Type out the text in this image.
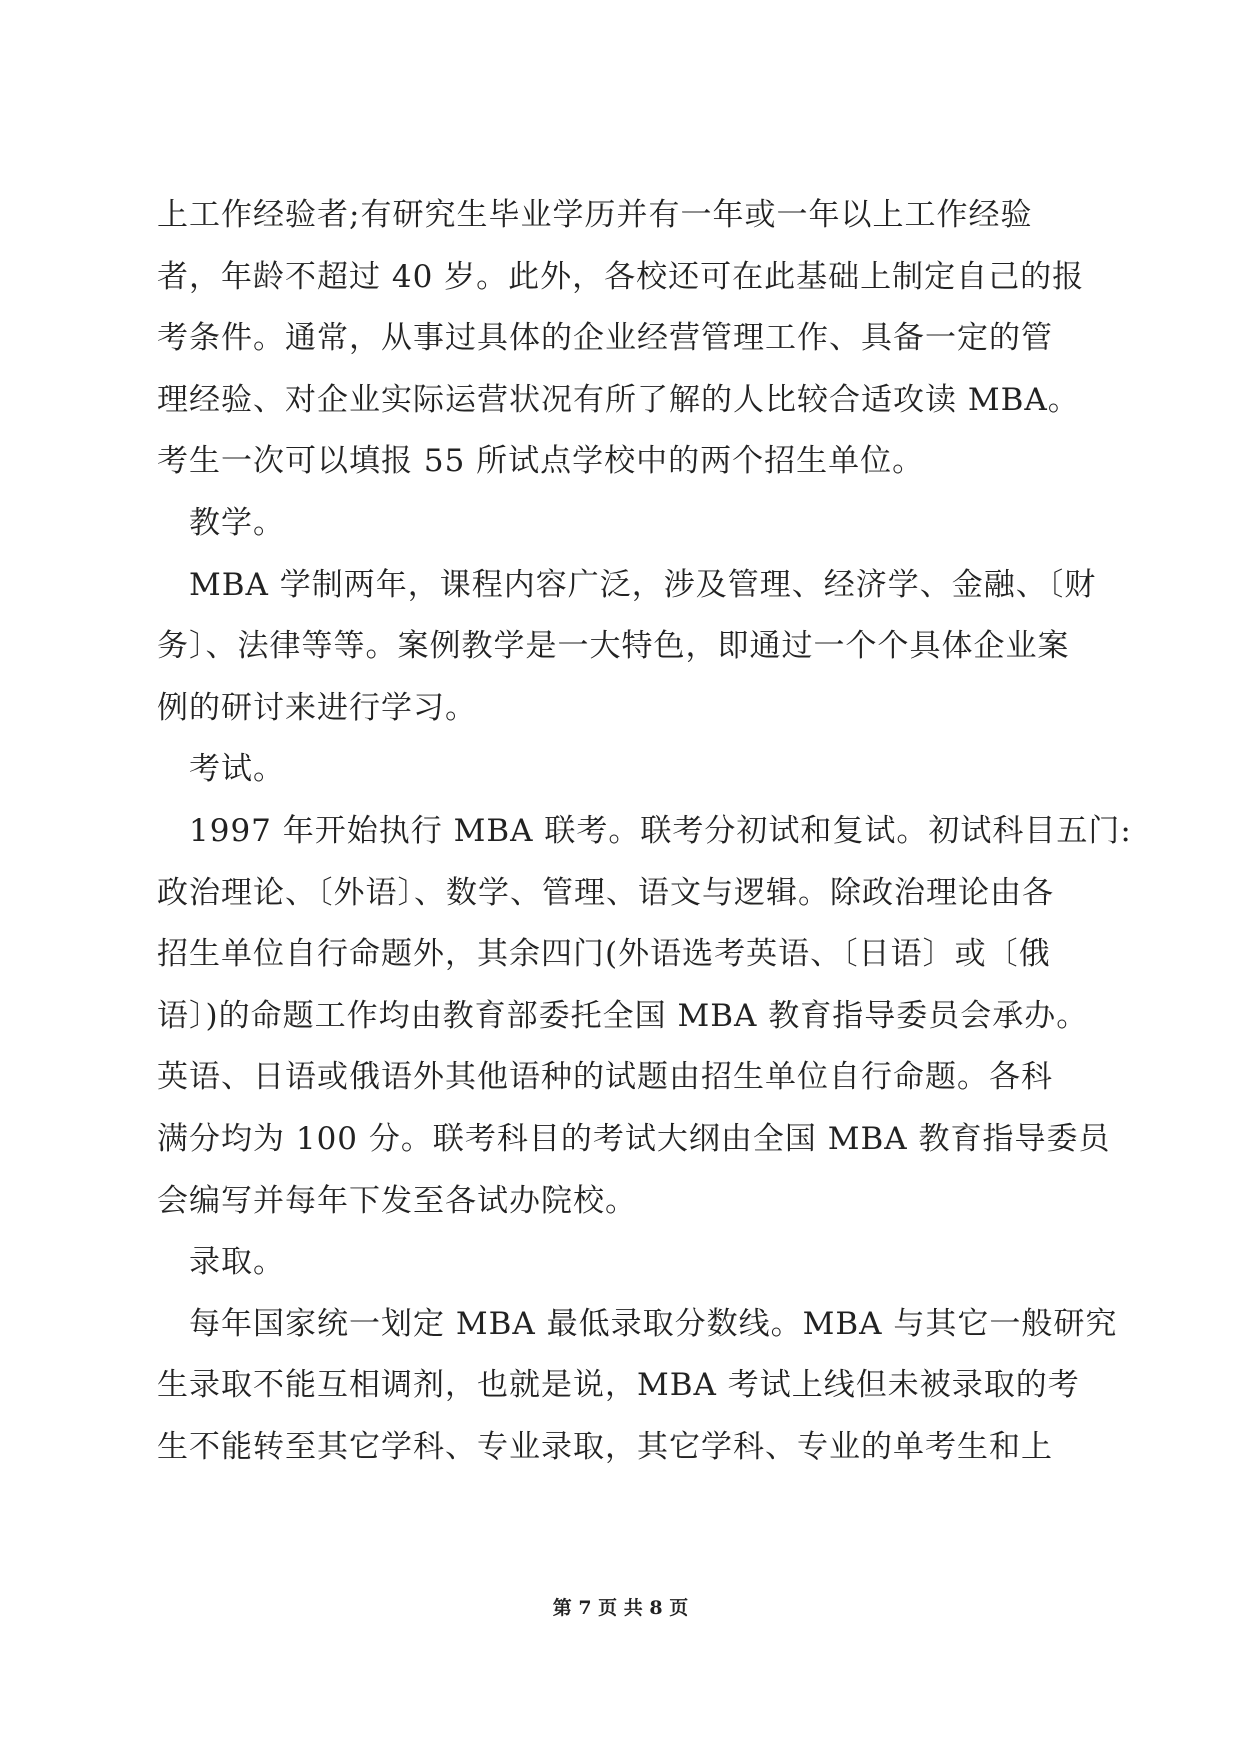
上工作经验者;有研究生毕业学历并有一年或一年以上工作经验
者，年龄不超过 40 岁。此外，各校还可在此基础上制定自己的报
考条件。通常，从事过具体的企业经营管理工作、具备一定的管
理经验、对企业实际运营状况有所了解的人比较合适攻读 MBA。
考生一次可以填报 55 所试点学校中的两个招生单位。
教学。
MBA 学制两年，课程内容广泛，涉及管理、经济学、金融、〔财
务〕、法律等等。案例教学是一大特色，即通过一个个具体企业案
例的研讨来进行学习。
考试。
1997 年开始执行 MBA 联考。联考分初试和复试。初试科目五门:
政治理论、〔外语〕、数学、管理、语文与逻辑。除政治理论由各
招生单位自行命题外，其余四门(外语选考英语、〔日语〕或〔俄
语〕)的命题工作均由教育部委托全国 MBA 教育指导委员会承办。
英语、日语或俄语外其他语种的试题由招生单位自行命题。各科
满分均为 100 分。联考科目的考试大纲由全国 MBA 教育指导委员
会编写并每年下发至各试办院校。
录取。
每年国家统一划定 MBA 最低录取分数线。MBA 与其它一般研究
生录取不能互相调剂，也就是说，MBA 考试上线但未被录取的考
生不能转至其它学科、专业录取，其它学科、专业的单考生和上
第 7 页 共 8 页
